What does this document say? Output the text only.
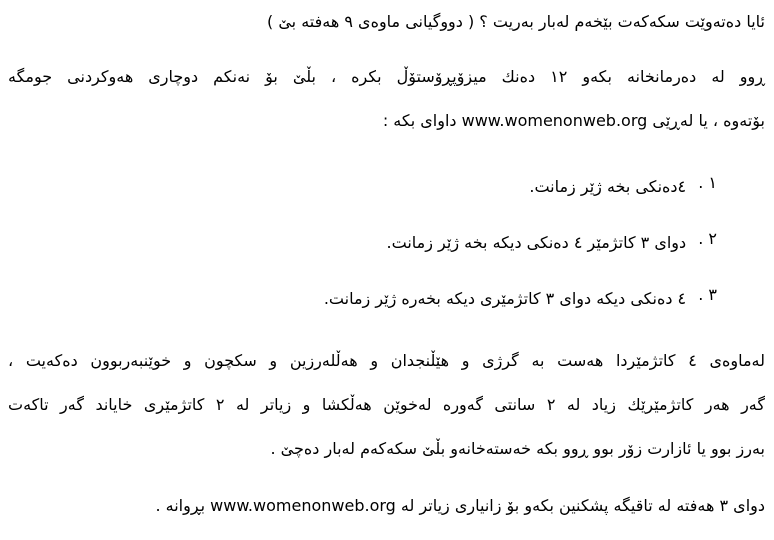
ئایا دەتەوێت سکەکەت بێخەم لەبار بەریت ؟ ( دووگیانی ماوەی ٩ هەفتە بێ )
ڕوو لە دەرمانخانە بکەو ١٢ دەنك میزۆپڕۆستۆڵ بکرە ، بڵێ بۆ نەنکم دوچاری هەوکردنی جومگە
بۆتەوە ، یا لەڕێی www.womenonweb.org داوای بکە :
١ . ٤دەنکی بخە ژێر زمانت.
٢ . دوای ٣ کاتژمێر ٤ دەنکی دیکە بخە ژێر زمانت.
٣ . ٤ دەنکی دیکە دوای ٣ کاتژمێری دیکە بخەرە ژێر زمانت.
لەماوەی ٤ کاتژمێردا هەست بە گرژی و هێڵنجدان و هەڵلەرزین و سکچون و خوێنبەربوون دەکەیت ،
گەر هەر کاتژمێرێك زیاد لە ٢ سانتی گەورە لەخوێن هەڵکشا و زیاتر لە ٢ کاتژمێری خایاند گەر تاکەت
بەرز بوو یا ئازارت زۆر بوو ڕوو بکە خەستەخانەو بڵێ سکەکەم لەبار دەچێ .
دوای ٣ هەفتە لە تاقیگە پشکنین بکەو بۆ زانیاری زیاتر لە www.womenonweb.org بڕوانە .
